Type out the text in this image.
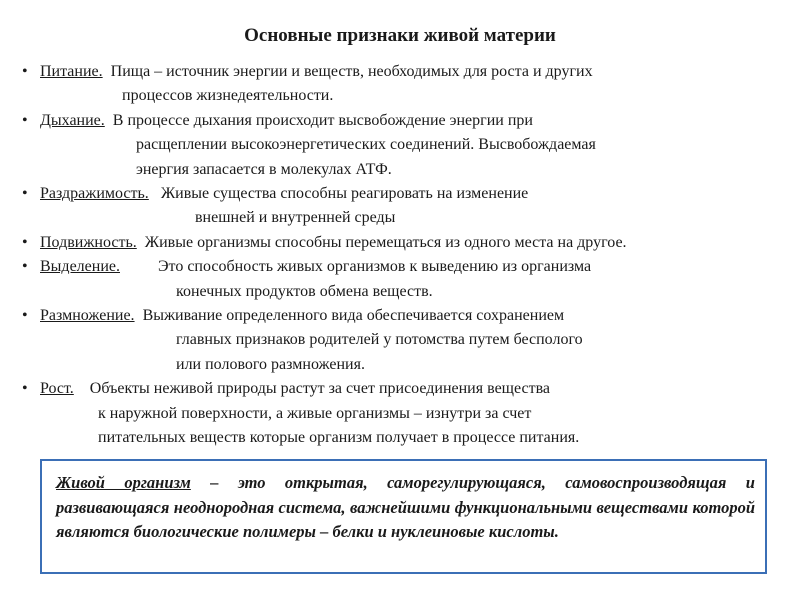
Основные признаки живой материи
• Питание. Пища – источник энергии и веществ, необходимых для роста и других
процессов жизнедеятельности.
• Дыхание. В процессе дыхания происходит высвобождение энергии при
расщеплении высокоэнергетических соединений. Высвобождаемая
энергия запасается в молекулах АТФ.
• Раздражимость. Живые существа способны реагировать на изменение
внешней и внутренней среды
• Подвижность. Живые организмы способны перемещаться из одного места на другое.
• Выделение. Это способность живых организмов к выведению из организма
конечных продуктов обмена веществ.
• Размножение. Выживание определенного вида обеспечивается сохранением
главных признаков родителей у потомства путем бесполого
или полового размножения.
• Рост. Объекты неживой природы растут за счет присоединения вещества
к наружной поверхности, а живые организмы – изнутри за счет
питательных веществ которые организм получает в процессе питания.
Живой организм – это открытая, саморегулирующаяся, самовоспроизводящая и развивающаяся неоднородная система, важнейшими функциональными веществами которой являются биологические полимеры – белки и нуклеиновые кислоты.
